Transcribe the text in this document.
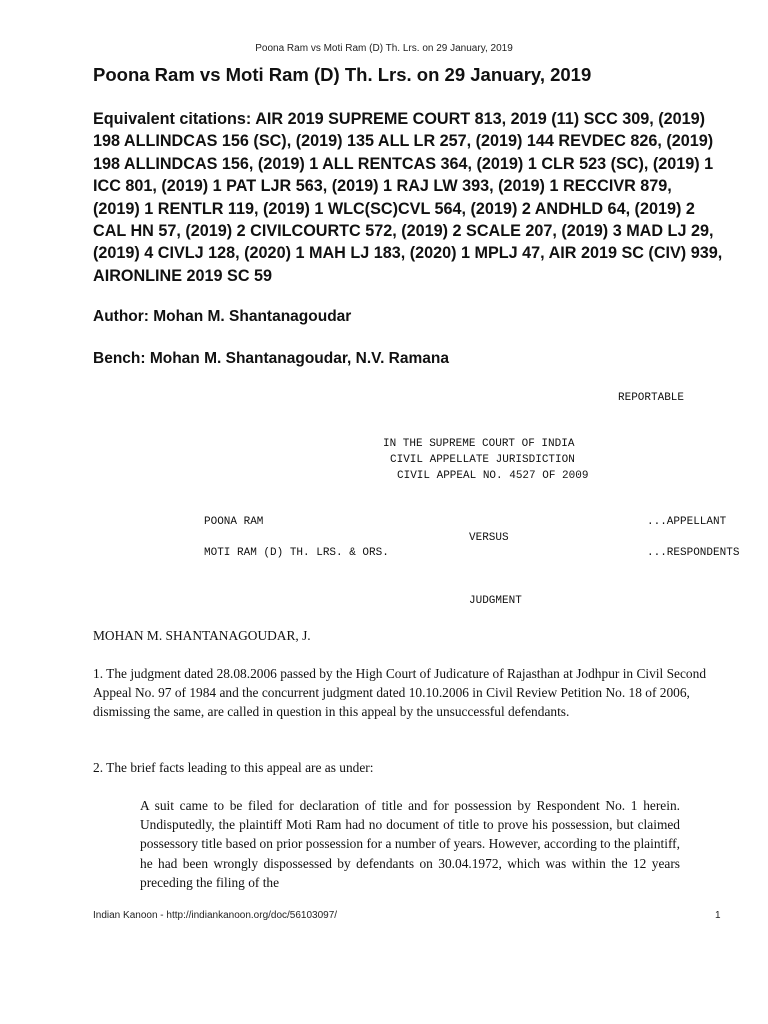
Poona Ram vs Moti Ram (D) Th. Lrs. on 29 January, 2019
Poona Ram vs Moti Ram (D) Th. Lrs. on 29 January, 2019

Equivalent citations: AIR 2019 SUPREME COURT 813, 2019 (11) SCC 309, (2019) 198 ALLINDCAS 156 (SC), (2019) 135 ALL LR 257, (2019) 144 REVDEC 826, (2019) 198 ALLINDCAS 156, (2019) 1 ALL RENTCAS 364, (2019) 1 CLR 523 (SC), (2019) 1 ICC 801, (2019) 1 PAT LJR 563, (2019) 1 RAJ LW 393, (2019) 1 RECCIVR 879, (2019) 1 RENTLR 119, (2019) 1 WLC(SC)CVL 564, (2019) 2 ANDHLD 64, (2019) 2 CAL HN 57, (2019) 2 CIVILCOURTC 572, (2019) 2 SCALE 207, (2019) 3 MAD LJ 29, (2019) 4 CIVLJ 128, (2020) 1 MAH LJ 183, (2020) 1 MPLJ 47, AIR 2019 SC (CIV) 939, AIRONLINE 2019 SC 59

Author: Mohan M. Shantanagoudar

Bench: Mohan M. Shantanagoudar, N.V. Ramana

REPORTABLE
IN THE SUPREME COURT OF INDIA
CIVIL APPELLATE JURISDICTION
CIVIL APPEAL NO. 4527 OF 2009
POONA RAM	...APPELLANT
VERSUS
MOTI RAM (D) TH. LRS. & ORS.	...RESPONDENTS
JUDGMENT

MOHAN M. SHANTANAGOUDAR, J.

1. The judgment dated 28.08.2006 passed by the High Court of Judicature of Rajasthan at Jodhpur in Civil Second Appeal No. 97 of 1984 and the concurrent judgment dated 10.10.2006 in Civil Review Petition No. 18 of 2006, dismissing the same, are called in question in this appeal by the unsuccessful defendants.

2. The brief facts leading to this appeal are as under:

A suit came to be filed for declaration of title and for possession by Respondent No. 1 herein. Undisputedly, the plaintiff Moti Ram had no document of title to prove his possession, but claimed possessory title based on prior possession for a number of years. However, according to the plaintiff, he had been wrongly dispossessed by defendants on 30.04.1972, which was within the 12 years preceding the filing of the

Indian Kanoon - http://indiankanoon.org/doc/56103097/	1
